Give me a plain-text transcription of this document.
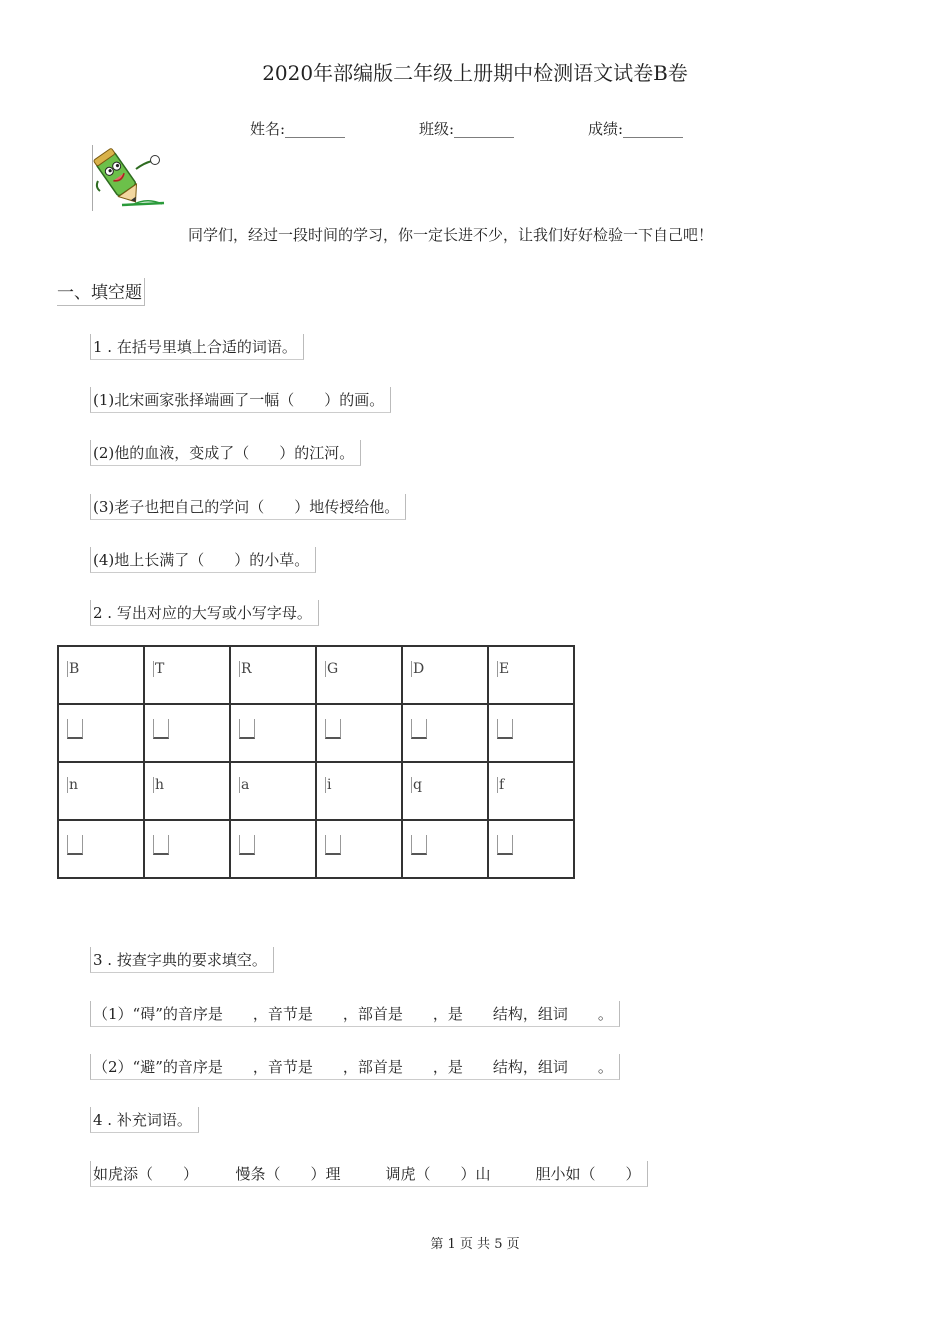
2020年部编版二年级上册期中检测语文试卷B卷
姓名:________	班级:________	成绩:________
同学们，经过一段时间的学习，你一定长进不少，让我们好好检验一下自己吧！
一、填空题
1 . 在括号里填上合适的词语。
(1)北宋画家张择端画了一幅（　　）的画。
(2)他的血液，变成了（　　）的江河。
(3)老子也把自己的学问（　　）地传授给他。
(4)地上长满了（　　）的小草。
2 . 写出对应的大写或小写字母。
B	T	R	G	D	E

n	h	a	i	q	f

3 . 按查字典的要求填空。
（1）“碍”的音序是　　，音节是　　，部首是　　，是　　结构，组词　　。
（2）“避”的音序是　　，音节是　　，部首是　　，是　　结构，组词　　。
4 . 补充词语。
如虎添（　　）　　　慢条（　　）理　　　调虎（　　）山　　　胆小如（　　）
第 1 页 共 5 页
